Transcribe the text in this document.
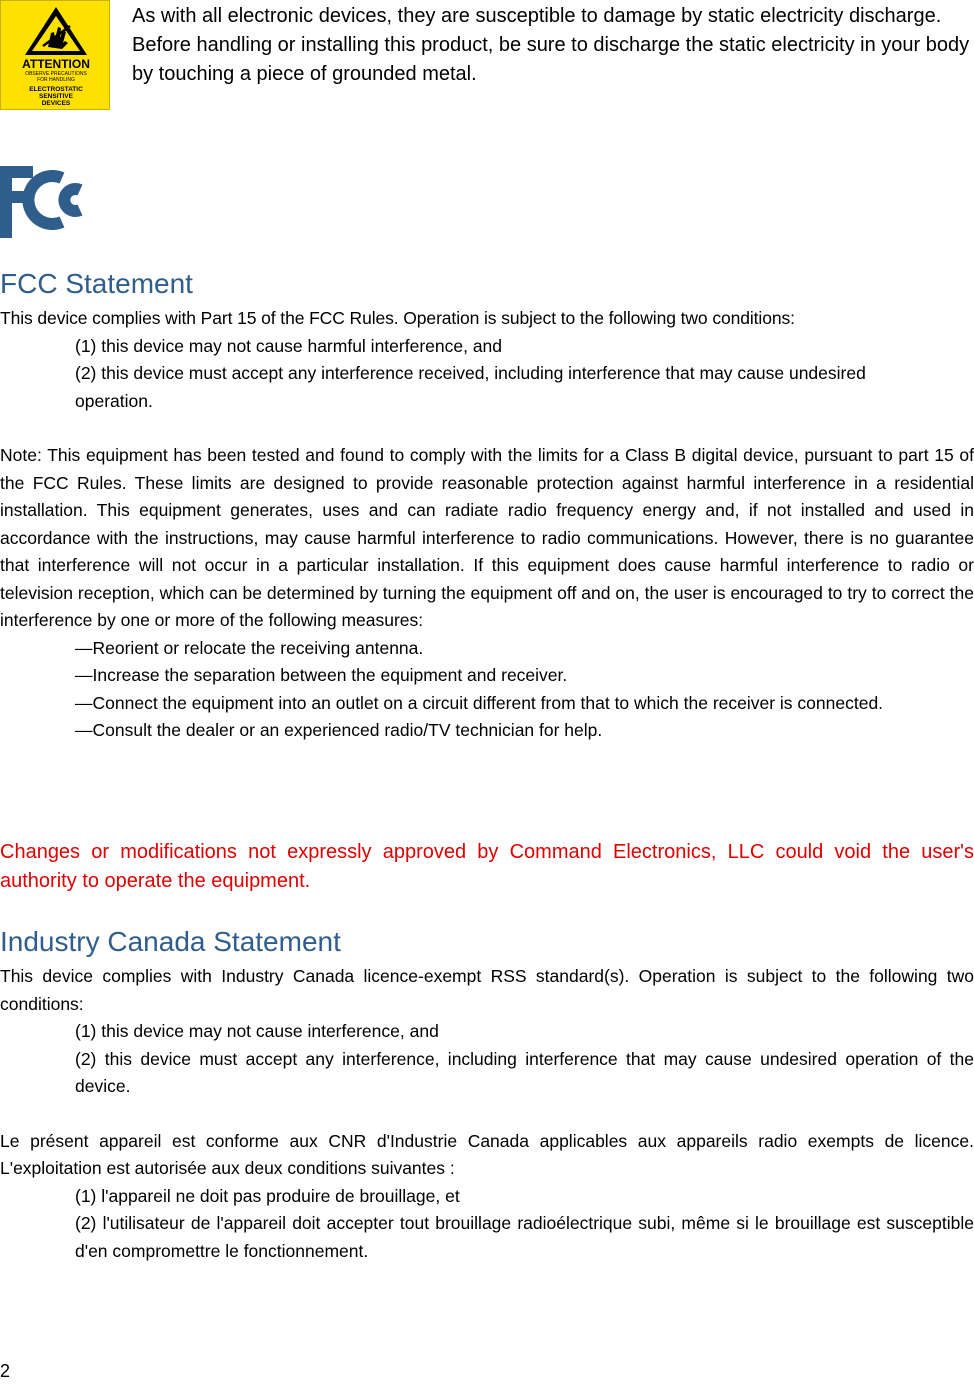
ATTENTION
OBSERVE PRECAUTIONS
FOR HANDLING
ELECTROSTATIC
SENSITIVE
DEVICES
As with all electronic devices, they are susceptible to damage by static electricity discharge. Before handling or installing this product, be sure to discharge the static electricity in your body by touching a piece of grounded metal.
FCC Statement
This device complies with Part 15 of the FCC Rules. Operation is subject to the following two conditions:
(1) this device may not cause harmful interference, and
(2) this device must accept any interference received, including interference that may cause undesired operation.
Note: This equipment has been tested and found to comply with the limits for a Class B digital device, pursuant to part 15 of the FCC Rules. These limits are designed to provide reasonable protection against harmful interference in a residential installation. This equipment generates, uses and can radiate radio frequency energy and, if not installed and used in accordance with the instructions, may cause harmful interference to radio communications. However, there is no guarantee that interference will not occur in a particular installation. If this equipment does cause harmful interference to radio or television reception, which can be determined by turning the equipment off and on, the user is encouraged to try to correct the interference by one or more of the following measures:
—Reorient or relocate the receiving antenna.
—Increase the separation between the equipment and receiver.
—Connect the equipment into an outlet on a circuit different from that to which the receiver is connected.
—Consult the dealer or an experienced radio/TV technician for help.
Changes or modifications not expressly approved by Command Electronics, LLC could void the user's authority to operate the equipment.
Industry Canada Statement
This device complies with Industry Canada licence-exempt RSS standard(s). Operation is subject to the following two conditions:
(1) this device may not cause interference, and
(2) this device must accept any interference, including interference that may cause undesired operation of the device.
Le présent appareil est conforme aux CNR d'Industrie Canada applicables aux appareils radio exempts de licence. L'exploitation est autorisée aux deux conditions suivantes :
(1) l'appareil ne doit pas produire de brouillage, et
(2) l'utilisateur de l'appareil doit accepter tout brouillage radioélectrique subi, même si le brouillage est susceptible d'en compromettre le fonctionnement.
2
